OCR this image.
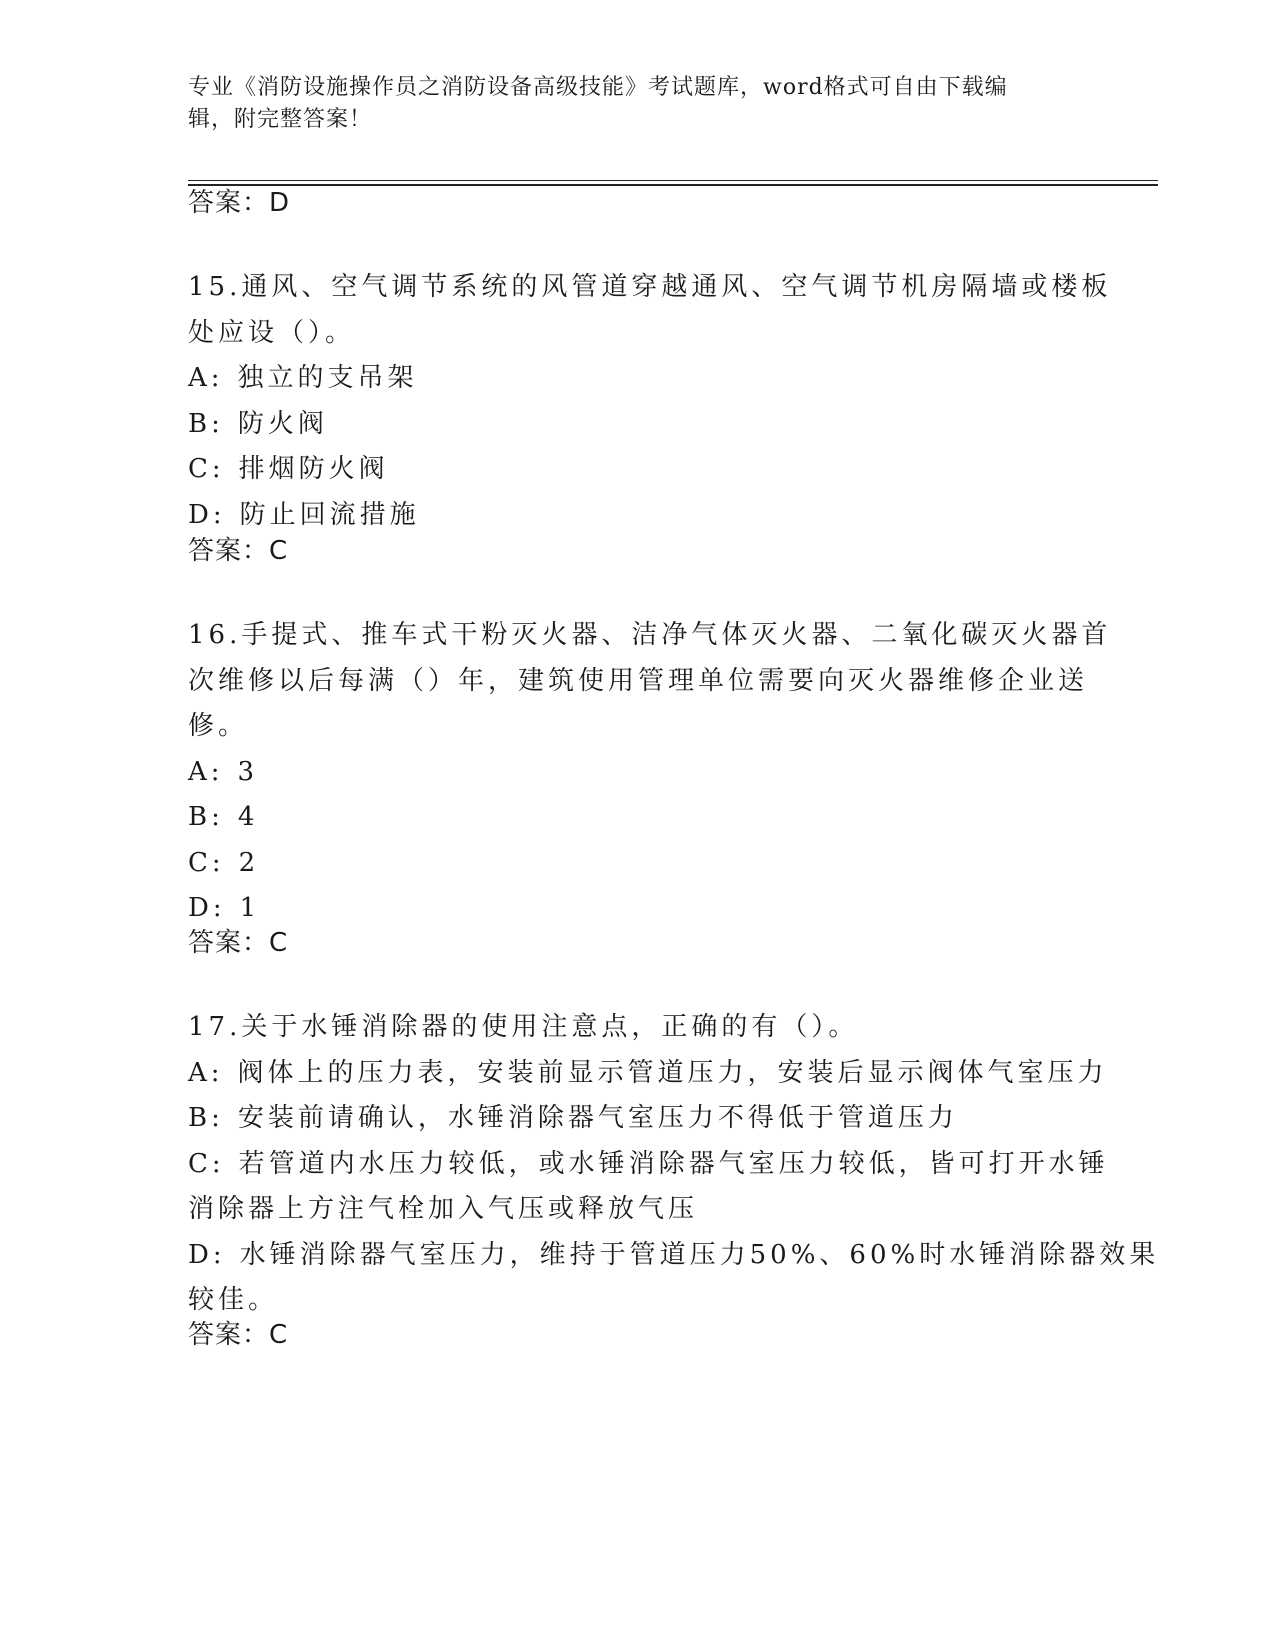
专业《消防设施操作员之消防设备高级技能》考试题库，word格式可自由下载编
辑，附完整答案！
答案：D
15.通风、空气调节系统的风管道穿越通风、空气调节机房隔墙或楼板
处应设（）。
A: 独立的支吊架
B: 防火阀
C: 排烟防火阀
D: 防止回流措施
答案：C
16.手提式、推车式干粉灭火器、洁净气体灭火器、二氧化碳灭火器首
次维修以后每满（）年，建筑使用管理单位需要向灭火器维修企业送
修。
A: 3
B: 4
C: 2
D: 1
答案：C
17.关于水锤消除器的使用注意点，正确的有（）。
A: 阀体上的压力表，安装前显示管道压力，安装后显示阀体气室压力
B: 安装前请确认，水锤消除器气室压力不得低于管道压力
C: 若管道内水压力较低，或水锤消除器气室压力较低，皆可打开水锤
消除器上方注气栓加入气压或释放气压
D: 水锤消除器气室压力，维持于管道压力50%、60%时水锤消除器效果
较佳。
答案：C
